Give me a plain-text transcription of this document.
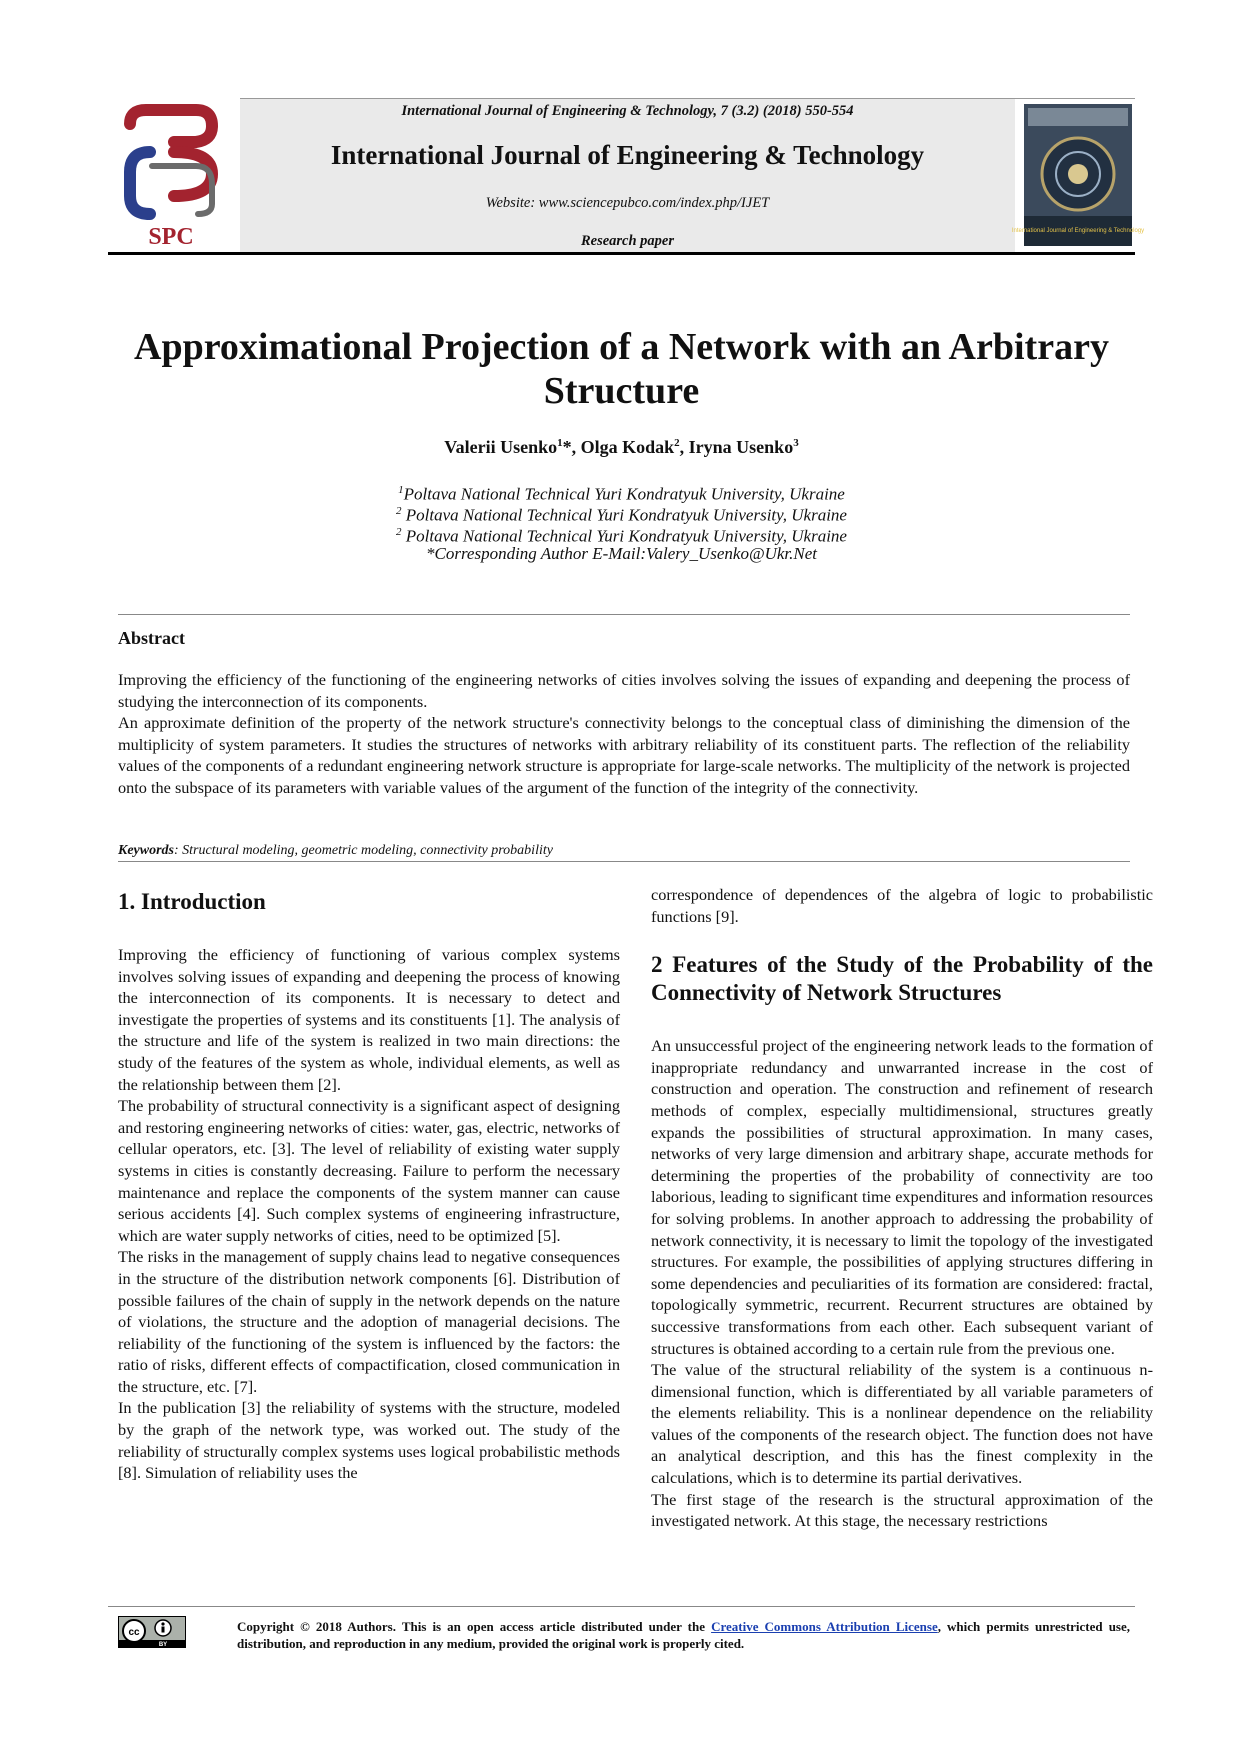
SPC
International Journal of Engineering & Technology, 7 (3.2) (2018) 550-554
International Journal of Engineering & Technology
Website: www.sciencepubco.com/index.php/IJET
Research paper
International Journal of Engineering & Technology
Approximational Projection of a Network with an Arbitrary
Structure
Valerii Usenko$^1$*, Olga Kodak$^2$, Iryna Usenko$^3$
$^1$Poltava National Technical Yuri Kondratyuk University, Ukraine
$^2$ Poltava National Technical Yuri Kondratyuk University, Ukraine
$^2$ Poltava National Technical Yuri Kondratyuk University, Ukraine
*Corresponding Author E-Mail:Valery_Usenko@Ukr.Net
Abstract

Improving the efficiency of the functioning of the engineering networks of cities involves solving the issues of expanding and deepening the process of studying the interconnection of its components.

An approximate definition of the property of the network structure's connectivity belongs to the conceptual class of diminishing the dimension of the multiplicity of system parameters. It studies the structures of networks with arbitrary reliability of its constituent parts. The reflection of the reliability values of the components of a redundant engineering network structure is appropriate for large-scale networks. The multiplicity of the network is projected onto the subspace of its parameters with variable values of the argument of the function of the integrity of the connectivity.

Keywords: Structural modeling, geometric modeling, connectivity probability
1. Introduction

Improving the efficiency of functioning of various complex systems involves solving issues of expanding and deepening the process of knowing the interconnection of its components. It is necessary to detect and investigate the properties of systems and its constituents [1]. The analysis of the structure and life of the system is realized in two main directions: the study of the features of the system as whole, individual elements, as well as the relationship between them [2].

The probability of structural connectivity is a significant aspect of designing and restoring engineering networks of cities: water, gas, electric, networks of cellular operators, etc. [3]. The level of reliability of existing water supply systems in cities is constantly decreasing. Failure to perform the necessary maintenance and replace the components of the system manner can cause serious accidents [4]. Such complex systems of engineering infrastructure, which are water supply networks of cities, need to be optimized [5].

The risks in the management of supply chains lead to negative consequences in the structure of the distribution network components [6]. Distribution of possible failures of the chain of supply in the network depends on the nature of violations, the structure and the adoption of managerial decisions. The reliability of the functioning of the system is influenced by the factors: the ratio of risks, different effects of compactification, closed communication in the structure, etc. [7].

In the publication [3] the reliability of systems with the structure, modeled by the graph of the network type, was worked out. The study of the reliability of structurally complex systems uses logical probabilistic methods [8]. Simulation of reliability uses the

correspondence of dependences of the algebra of logic to probabilistic functions [9].

2 Features of the Study of the Probability of the Connectivity of Network Structures

An unsuccessful project of the engineering network leads to the formation of inappropriate redundancy and unwarranted increase in the cost of construction and operation. The construction and refinement of research methods of complex, especially multidimensional, structures greatly expands the possibilities of structural approximation. In many cases, networks of very large dimension and arbitrary shape, accurate methods for determining the properties of the probability of connectivity are too laborious, leading to significant time expenditures and information resources for solving problems. In another approach to addressing the probability of network connectivity, it is necessary to limit the topology of the investigated structures. For example, the possibilities of applying structures differing in some dependencies and peculiarities of its formation are considered: fractal, topologically symmetric, recurrent. Recurrent structures are obtained by successive transformations from each other. Each subsequent variant of structures is obtained according to a certain rule from the previous one.

The value of the structural reliability of the system is a continuous n-dimensional function, which is differentiated by all variable parameters of the elements reliability. This is a nonlinear dependence on the reliability values of the components of the research object. The function does not have an analytical description, and this has the finest complexity in the calculations, which is to determine its partial derivatives.

The first stage of the research is the structural approximation of the investigated network. At this stage, the necessary restrictions

cc
BY
Copyright © 2018 Authors. This is an open access article distributed under the Creative Commons Attribution License, which permits unrestricted use, distribution, and reproduction in any medium, provided the original work is properly cited.
